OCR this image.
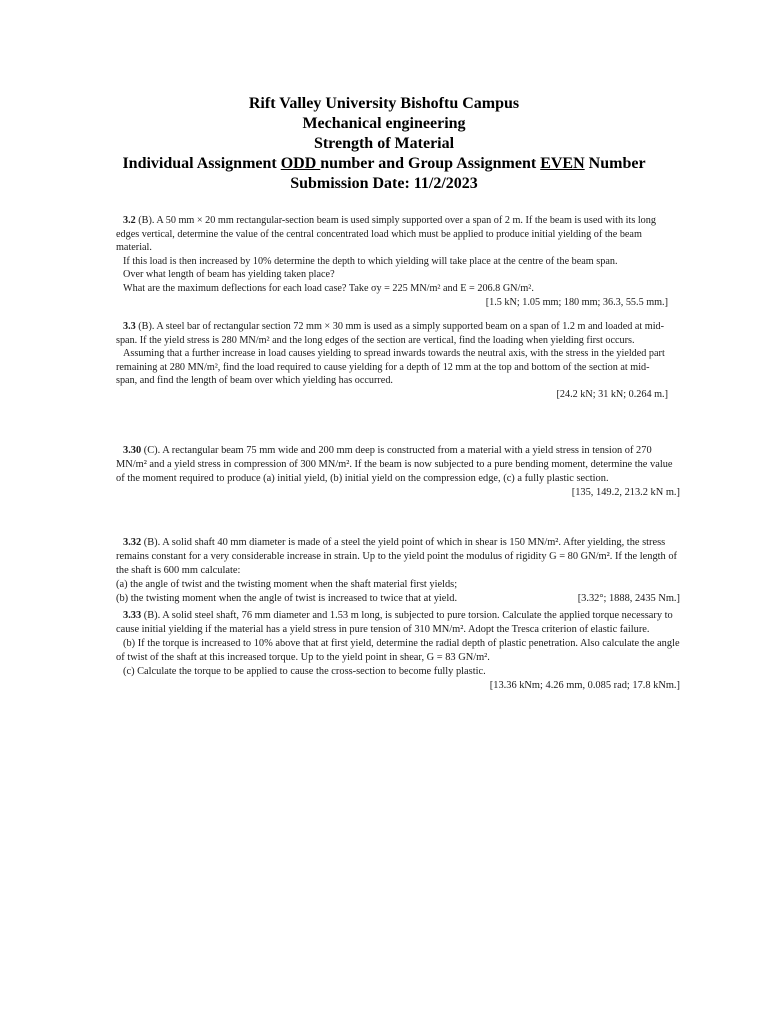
Rift Valley University Bishoftu Campus
Mechanical engineering
Strength of Material
Individual Assignment ODD number and Group Assignment EVEN Number
Submission Date: 11/2/2023

3.2 (B). A 50 mm × 20 mm rectangular-section beam is used simply supported over a span of 2 m. If the beam is used with its long edges vertical, determine the value of the central concentrated load which must be applied to produce initial yielding of the beam material.

If this load is then increased by 10% determine the depth to which yielding will take place at the centre of the beam span.

Over what length of beam has yielding taken place?

What are the maximum deflections for each load case? Take σy = 225 MN/m² and E = 206.8 GN/m².

[1.5 kN; 1.05 mm; 180 mm; 36.3, 55.5 mm.]

3.3 (B). A steel bar of rectangular section 72 mm × 30 mm is used as a simply supported beam on a span of 1.2 m and loaded at mid-span. If the yield stress is 280 MN/m² and the long edges of the section are vertical, find the loading when yielding first occurs.

Assuming that a further increase in load causes yielding to spread inwards towards the neutral axis, with the stress in the yielded part remaining at 280 MN/m², find the load required to cause yielding for a depth of 12 mm at the top and bottom of the section at mid-span, and find the length of beam over which yielding has occurred.

[24.2 kN; 31 kN; 0.264 m.]

3.30 (C). A rectangular beam 75 mm wide and 200 mm deep is constructed from a material with a yield stress in tension of 270 MN/m² and a yield stress in compression of 300 MN/m². If the beam is now subjected to a pure bending moment, determine the value of the moment required to produce (a) initial yield, (b) initial yield on the compression edge, (c) a fully plastic section.

[135, 149.2, 213.2 kN m.]

3.32 (B). A solid shaft 40 mm diameter is made of a steel the yield point of which in shear is 150 MN/m². After yielding, the stress remains constant for a very considerable increase in strain. Up to the yield point the modulus of rigidity G = 80 GN/m². If the length of the shaft is 600 mm calculate:

(a) the angle of twist and the twisting moment when the shaft material first yields;

(b) the twisting moment when the angle of twist is increased to twice that at yield.	[3.32°; 1888, 2435 Nm.]

3.33 (B). A solid steel shaft, 76 mm diameter and 1.53 m long, is subjected to pure torsion. Calculate the applied torque necessary to cause initial yielding if the material has a yield stress in pure tension of 310 MN/m². Adopt the Tresca criterion of elastic failure.

(b) If the torque is increased to 10% above that at first yield, determine the radial depth of plastic penetration. Also calculate the angle of twist of the shaft at this increased torque. Up to the yield point in shear, G = 83 GN/m².

(c) Calculate the torque to be applied to cause the cross-section to become fully plastic.

[13.36 kNm; 4.26 mm, 0.085 rad; 17.8 kNm.]
